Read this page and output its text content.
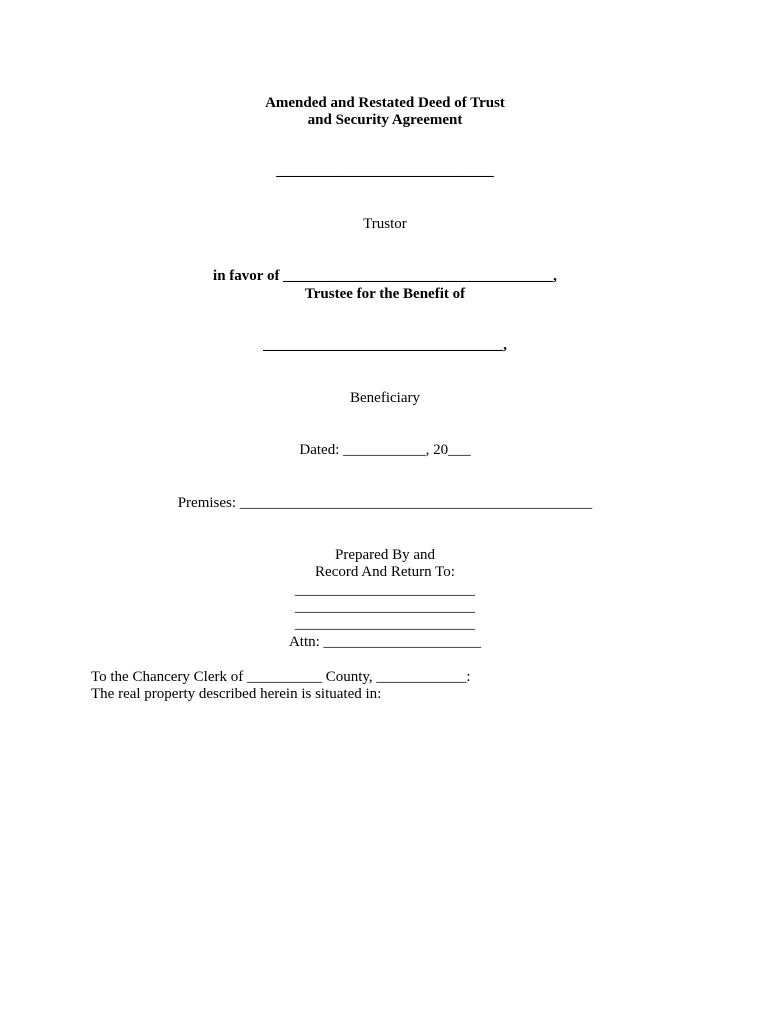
Amended and Restated Deed of Trust
and Security Agreement
_____________________________
Trustor
in favor of ____________________________________,
Trustee for the Benefit of
________________________________,
Beneficiary
Dated: ___________, 20___
Premises: _______________________________________________
Prepared By and
Record And Return To:
________________________
________________________
________________________
Attn: _____________________
To the Chancery Clerk of __________ County, ____________:
The real property described herein is situated in:
